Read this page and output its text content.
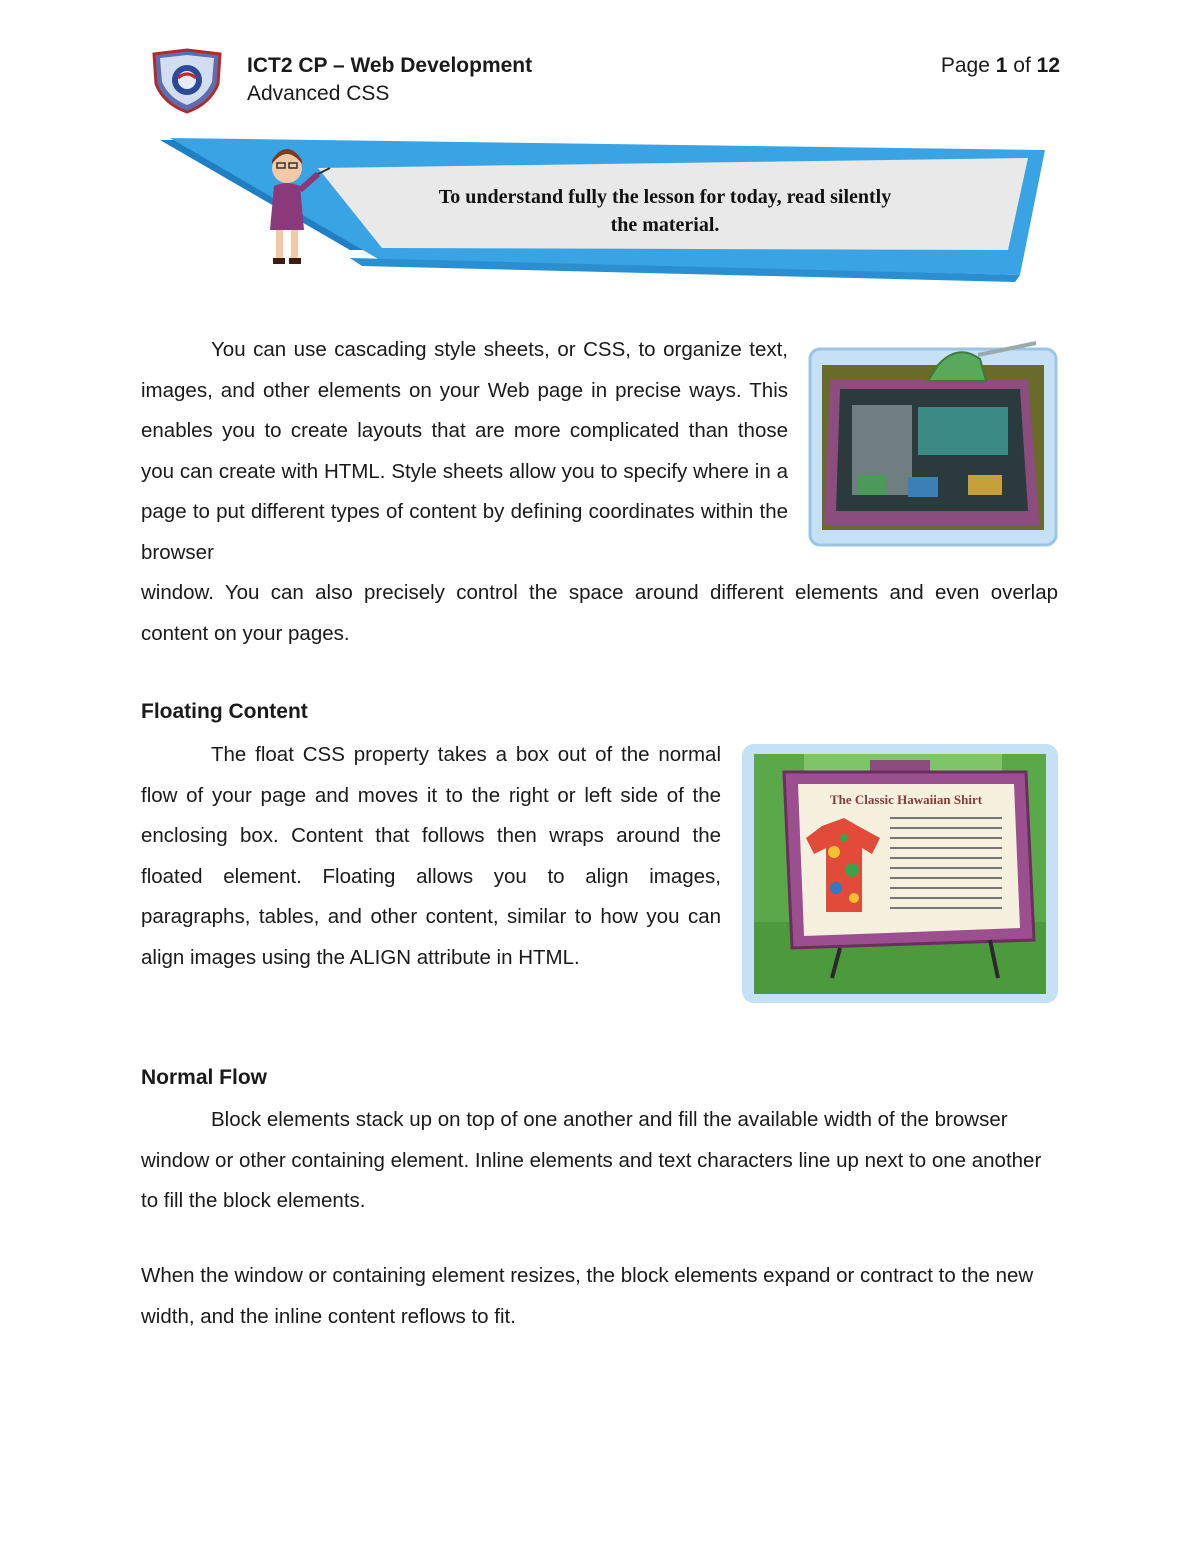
ICT2 CP – Web Development
Advanced CSS
Page 1 of 12
To understand fully the lesson for today, read silently
the material.

You can use cascading style sheets, or CSS, to organize text, images, and other elements on your Web page in precise ways. This enables you to create layouts that are more complicated than those you can create with HTML. Style sheets allow you to specify where in a page to put different types of content by defining coordinates within the browser

window. You can also precisely control the space around different elements and even overlap content on your pages.

Floating Content

The float CSS property takes a box out of the normal flow of your page and moves it to the right or left side of the enclosing box. Content that follows then wraps around the floated element. Floating allows you to align images, paragraphs, tables, and other content, similar to how you can align images using the ALIGN attribute in HTML.

The Classic Hawaiian Shirt
Normal Flow

Block elements stack up on top of one another and fill the available width of the browser window or other containing element. Inline elements and text characters line up next to one another to fill the block elements.

When the window or containing element resizes, the block elements expand or contract to the new width, and the inline content reflows to fit.
